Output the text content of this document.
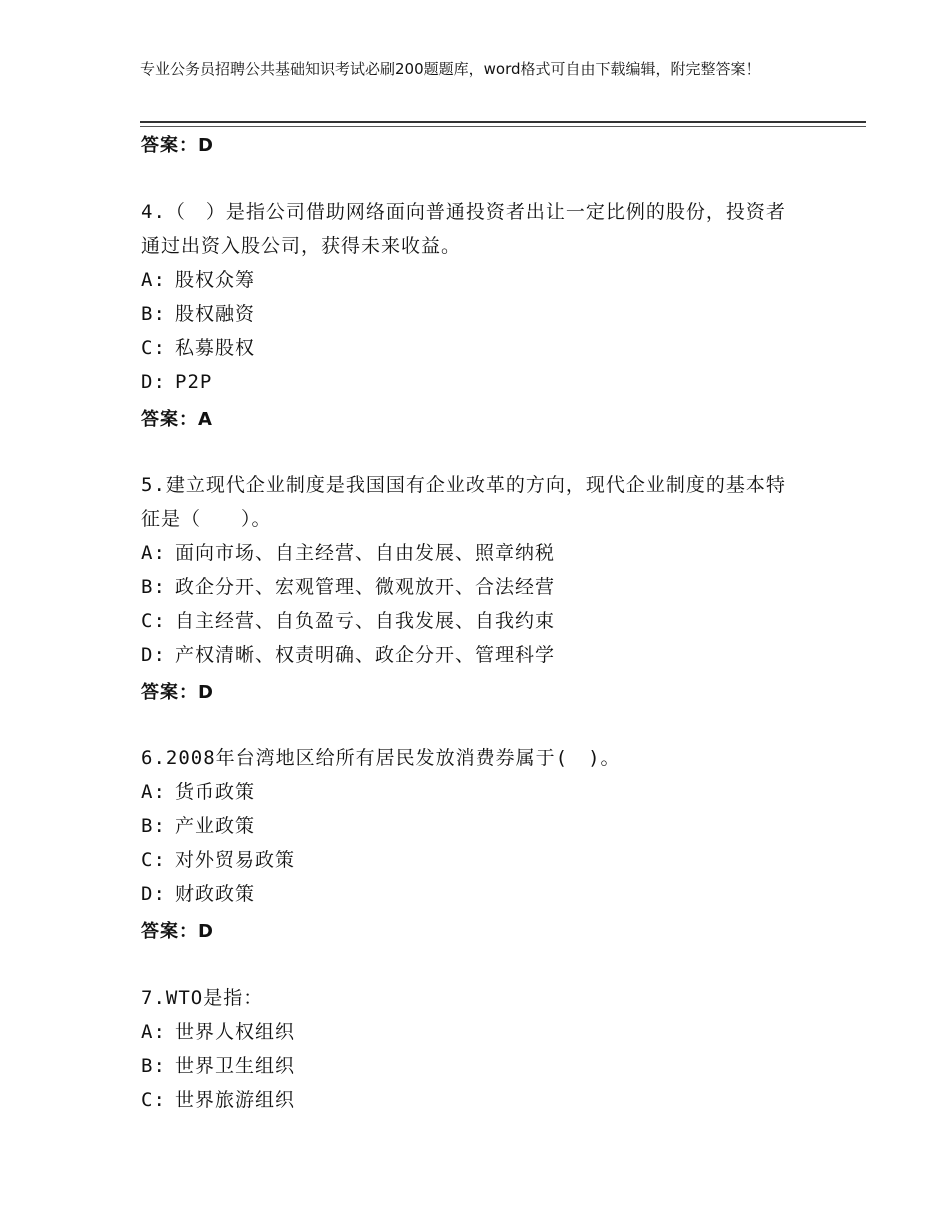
专业公务员招聘公共基础知识考试必刷200题题库，word格式可自由下载编辑，附完整答案！
答案：D
4.（　）是指公司借助网络面向普通投资者出让一定比例的股份，投资者通过出资入股公司，获得未来收益。
A: 股权众筹
B: 股权融资
C: 私募股权
D: P2P
答案：A
5.建立现代企业制度是我国国有企业改革的方向，现代企业制度的基本特征是（　　）。
A: 面向市场、自主经营、自由发展、照章纳税
B: 政企分开、宏观管理、微观放开、合法经营
C: 自主经营、自负盈亏、自我发展、自我约束
D: 产权清晰、权责明确、政企分开、管理科学
答案：D
6.2008年台湾地区给所有居民发放消费券属于(　)。
A: 货币政策
B: 产业政策
C: 对外贸易政策
D: 财政政策
答案：D
7.WTO是指：
A: 世界人权组织
B: 世界卫生组织
C: 世界旅游组织
